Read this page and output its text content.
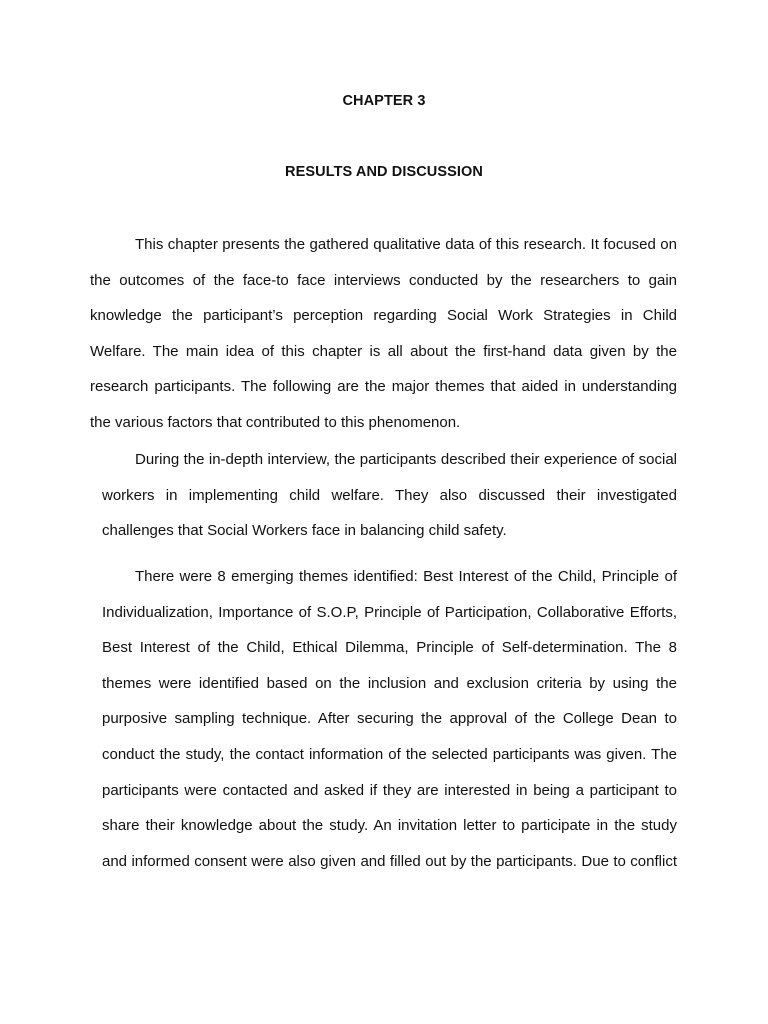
CHAPTER 3
RESULTS AND DISCUSSION
This chapter presents the gathered qualitative data of this research. It focused on
the outcomes of the face-to face interviews conducted by the researchers to gain
knowledge the participant’s perception regarding Social Work Strategies in Child
Welfare. The main idea of this chapter is all about the first-hand data given by the
research participants. The following are the major themes that aided in understanding
the various factors that contributed to this phenomenon.
During the in-depth interview, the participants described their experience of social
workers in implementing child welfare. They also discussed their investigated
challenges that Social Workers face in balancing child safety.
There were 8 emerging themes identified: Best Interest of the Child, Principle of
Individualization, Importance of S.O.P, Principle of Participation, Collaborative Efforts,
Best Interest of the Child, Ethical Dilemma, Principle of Self-determination. The 8
themes were identified based on the inclusion and exclusion criteria by using the
purposive sampling technique. After securing the approval of the College Dean to
conduct the study, the contact information of the selected participants was given. The
participants were contacted and asked if they are interested in being a participant to
share their knowledge about the study. An invitation letter to participate in the study
and informed consent were also given and filled out by the participants. Due to conflict
